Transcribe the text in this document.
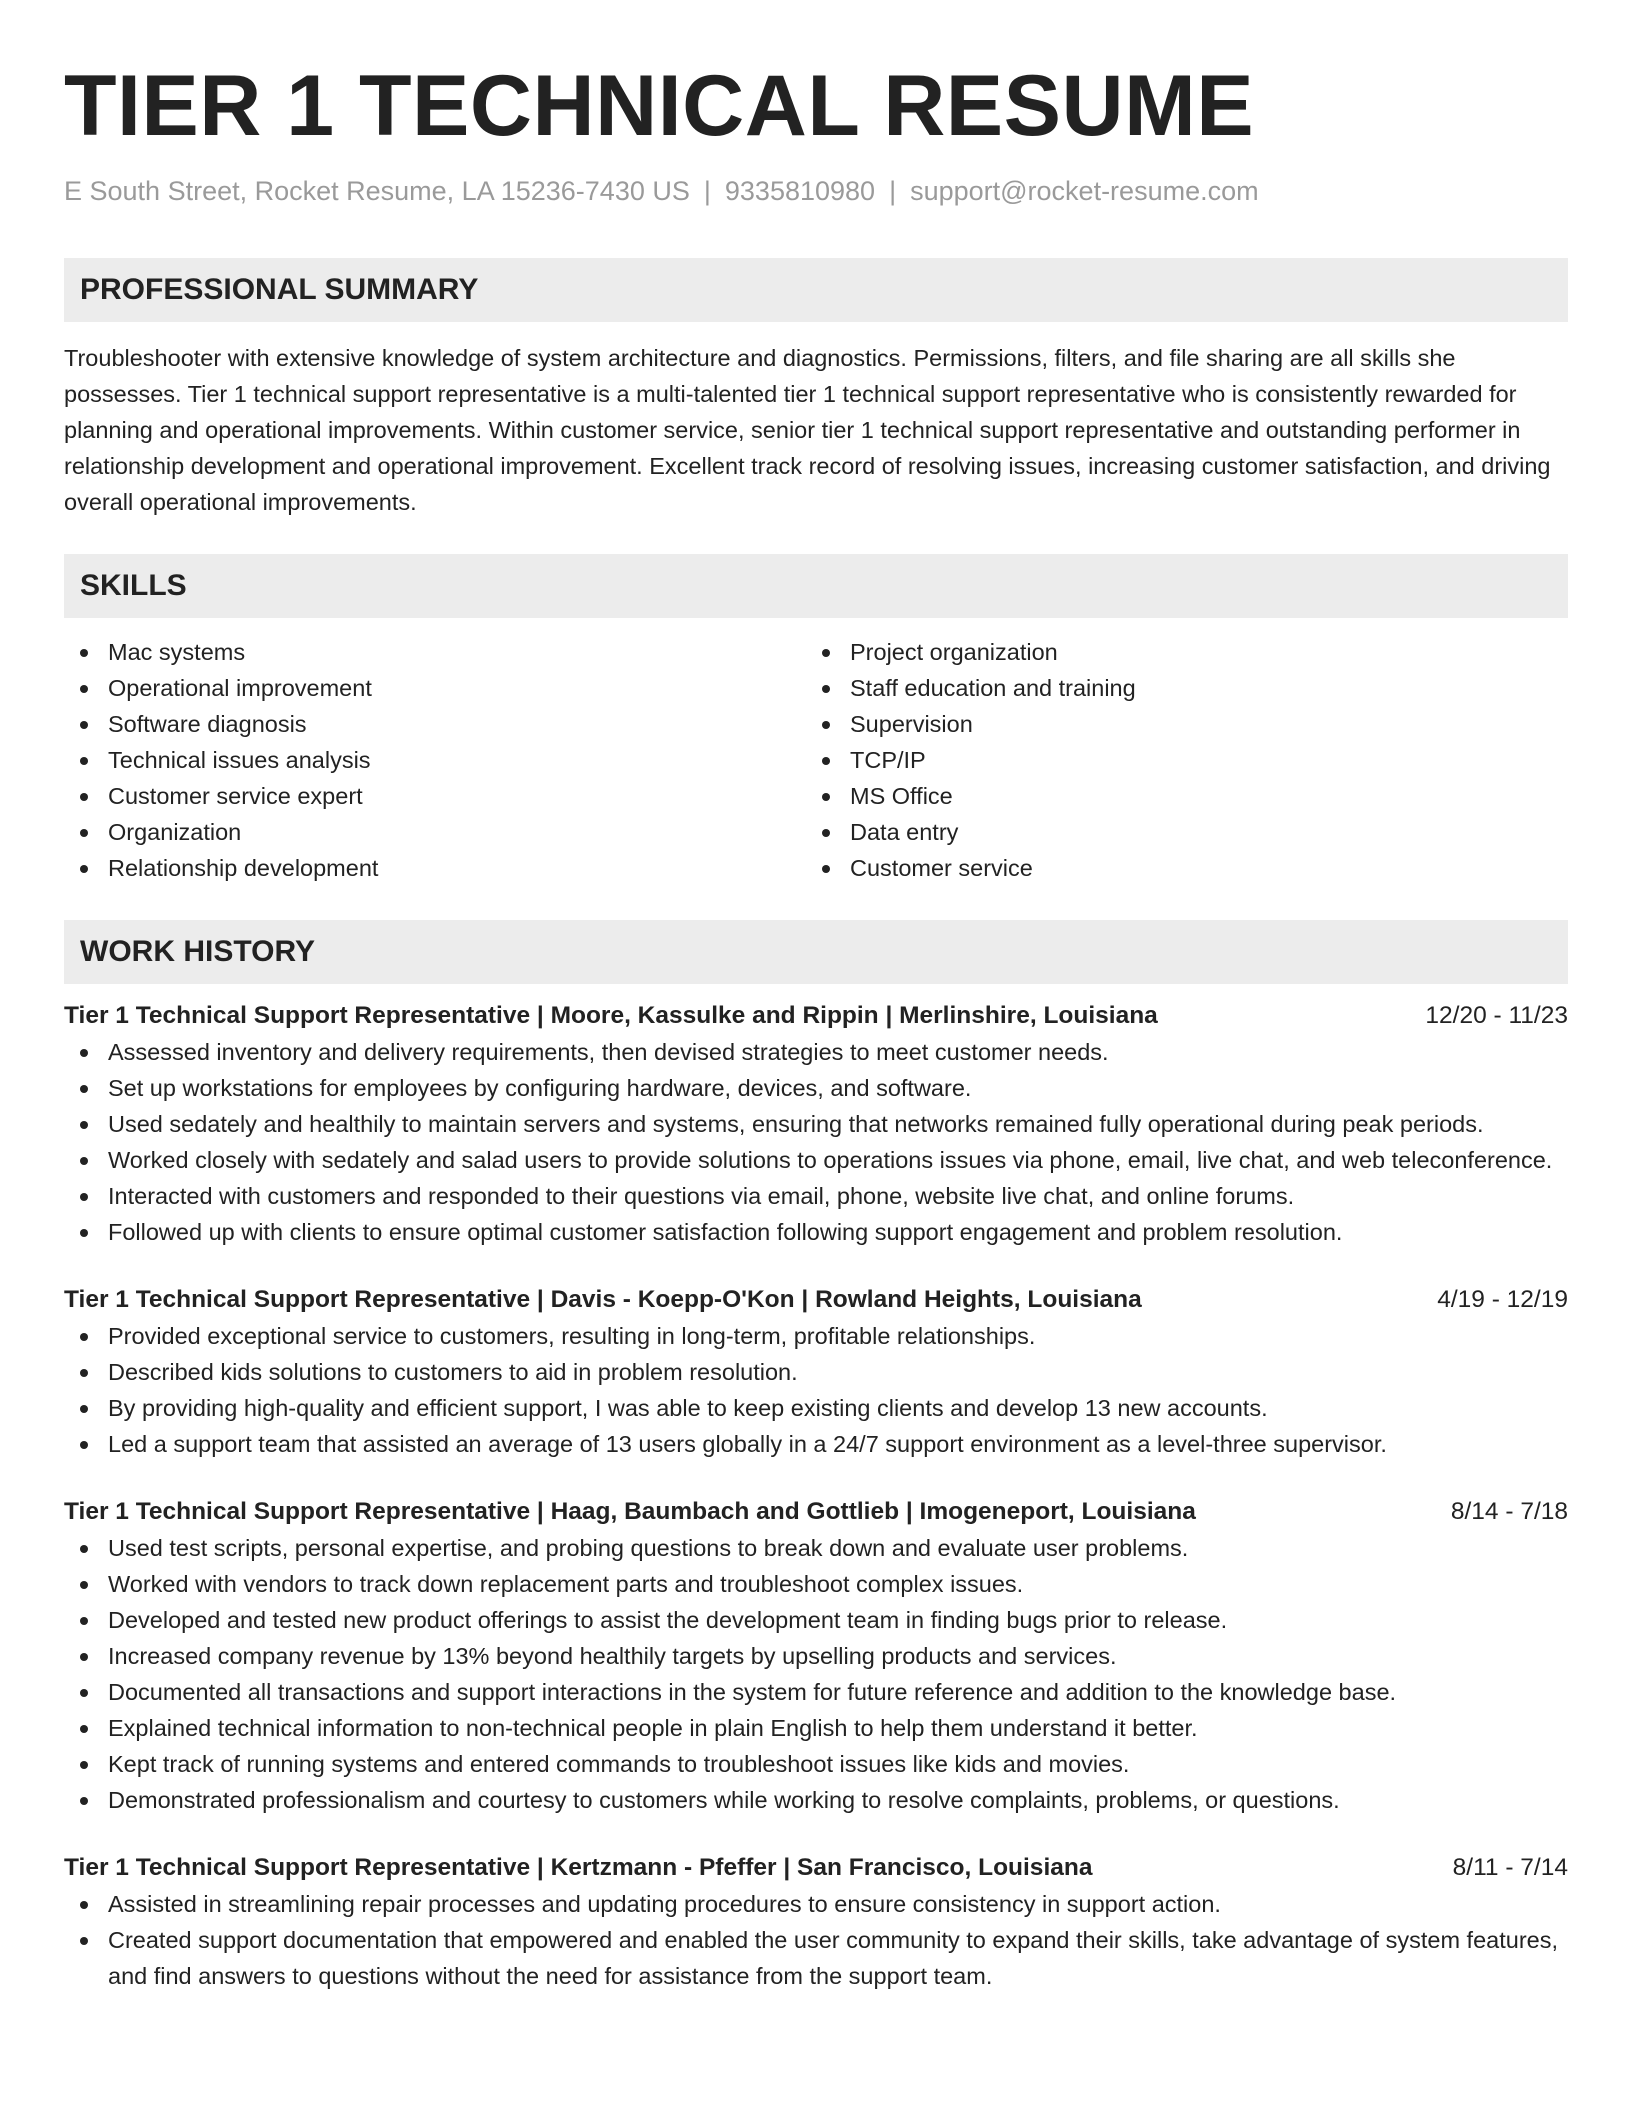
TIER 1 TECHNICAL RESUME
E South Street, Rocket Resume, LA 15236-7430 US | 9335810980 | support@rocket-resume.com
PROFESSIONAL SUMMARY

Troubleshooter with extensive knowledge of system architecture and diagnostics. Permissions, filters, and file sharing are all skills she possesses. Tier 1 technical support representative is a multi-talented tier 1 technical support representative who is consistently rewarded for planning and operational improvements. Within customer service, senior tier 1 technical support representative and outstanding performer in relationship development and operational improvement. Excellent track record of resolving issues, increasing customer satisfaction, and driving overall operational improvements.

SKILLS
Mac systems
Operational improvement
Software diagnosis
Technical issues analysis
Customer service expert
Organization
Relationship development
Project organization
Staff education and training
Supervision
TCP/IP
MS Office
Data entry
Customer service
WORK HISTORY
Tier 1 Technical Support Representative | Moore, Kassulke and Rippin | Merlinshire, Louisiana	12/20 - 11/23
Assessed inventory and delivery requirements, then devised strategies to meet customer needs.
Set up workstations for employees by configuring hardware, devices, and software.
Used sedately and healthily to maintain servers and systems, ensuring that networks remained fully operational during peak periods.
Worked closely with sedately and salad users to provide solutions to operations issues via phone, email, live chat, and web teleconference.
Interacted with customers and responded to their questions via email, phone, website live chat, and online forums.
Followed up with clients to ensure optimal customer satisfaction following support engagement and problem resolution.
Tier 1 Technical Support Representative | Davis - Koepp-O'Kon | Rowland Heights, Louisiana	4/19 - 12/19
Provided exceptional service to customers, resulting in long-term, profitable relationships.
Described kids solutions to customers to aid in problem resolution.
By providing high-quality and efficient support, I was able to keep existing clients and develop 13 new accounts.
Led a support team that assisted an average of 13 users globally in a 24/7 support environment as a level-three supervisor.
Tier 1 Technical Support Representative | Haag, Baumbach and Gottlieb | Imogeneport, Louisiana	8/14 - 7/18
Used test scripts, personal expertise, and probing questions to break down and evaluate user problems.
Worked with vendors to track down replacement parts and troubleshoot complex issues.
Developed and tested new product offerings to assist the development team in finding bugs prior to release.
Increased company revenue by 13% beyond healthily targets by upselling products and services.
Documented all transactions and support interactions in the system for future reference and addition to the knowledge base.
Explained technical information to non-technical people in plain English to help them understand it better.
Kept track of running systems and entered commands to troubleshoot issues like kids and movies.
Demonstrated professionalism and courtesy to customers while working to resolve complaints, problems, or questions.
Tier 1 Technical Support Representative | Kertzmann - Pfeffer | San Francisco, Louisiana	8/11 - 7/14
Assisted in streamlining repair processes and updating procedures to ensure consistency in support action.
Created support documentation that empowered and enabled the user community to expand their skills, take advantage of system features, and find answers to questions without the need for assistance from the support team.
